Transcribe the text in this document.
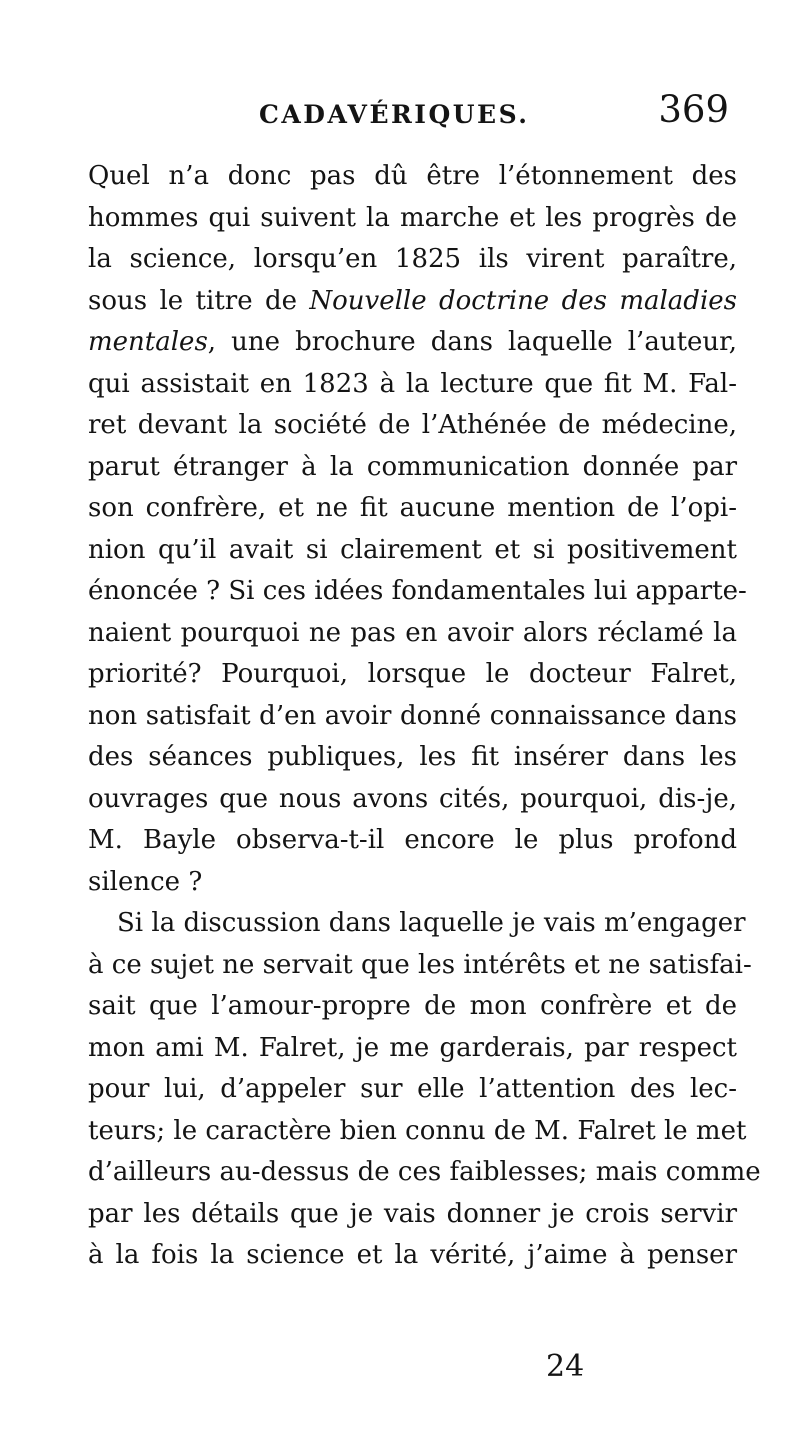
CADAVÉRIQUES.	369
Quel n’a donc pas dû être l’étonnement des
hommes qui suivent la marche et les progrès de
la science, lorsqu’en 1825 ils virent paraître,
sous le titre de Nouvelle doctrine des maladies
mentales, une brochure dans laquelle l’auteur,
qui assistait en 1823 à la lecture que fit M. Fal-
ret devant la société de l’Athénée de médecine,
parut étranger à la communication donnée par
son confrère, et ne fit aucune mention de l’opi-
nion qu’il avait si clairement et si positivement
énoncée ? Si ces idées fondamentales lui apparte-
naient pourquoi ne pas en avoir alors réclamé la
priorité? Pourquoi, lorsque le docteur Falret,
non satisfait d’en avoir donné connaissance dans
des séances publiques, les fit insérer dans les
ouvrages que nous avons cités, pourquoi, dis-je,
M. Bayle observa-t-il encore le plus profond
silence ?
Si la discussion dans laquelle je vais m’engager
à ce sujet ne servait que les intérêts et ne satisfai-
sait que l’amour-propre de mon confrère et de
mon ami M. Falret, je me garderais, par respect
pour lui, d’appeler sur elle l’attention des lec-
teurs; le caractère bien connu de M. Falret le met
d’ailleurs au-dessus de ces faiblesses; mais comme
par les détails que je vais donner je crois servir
à la fois la science et la vérité, j’aime à penser
24
